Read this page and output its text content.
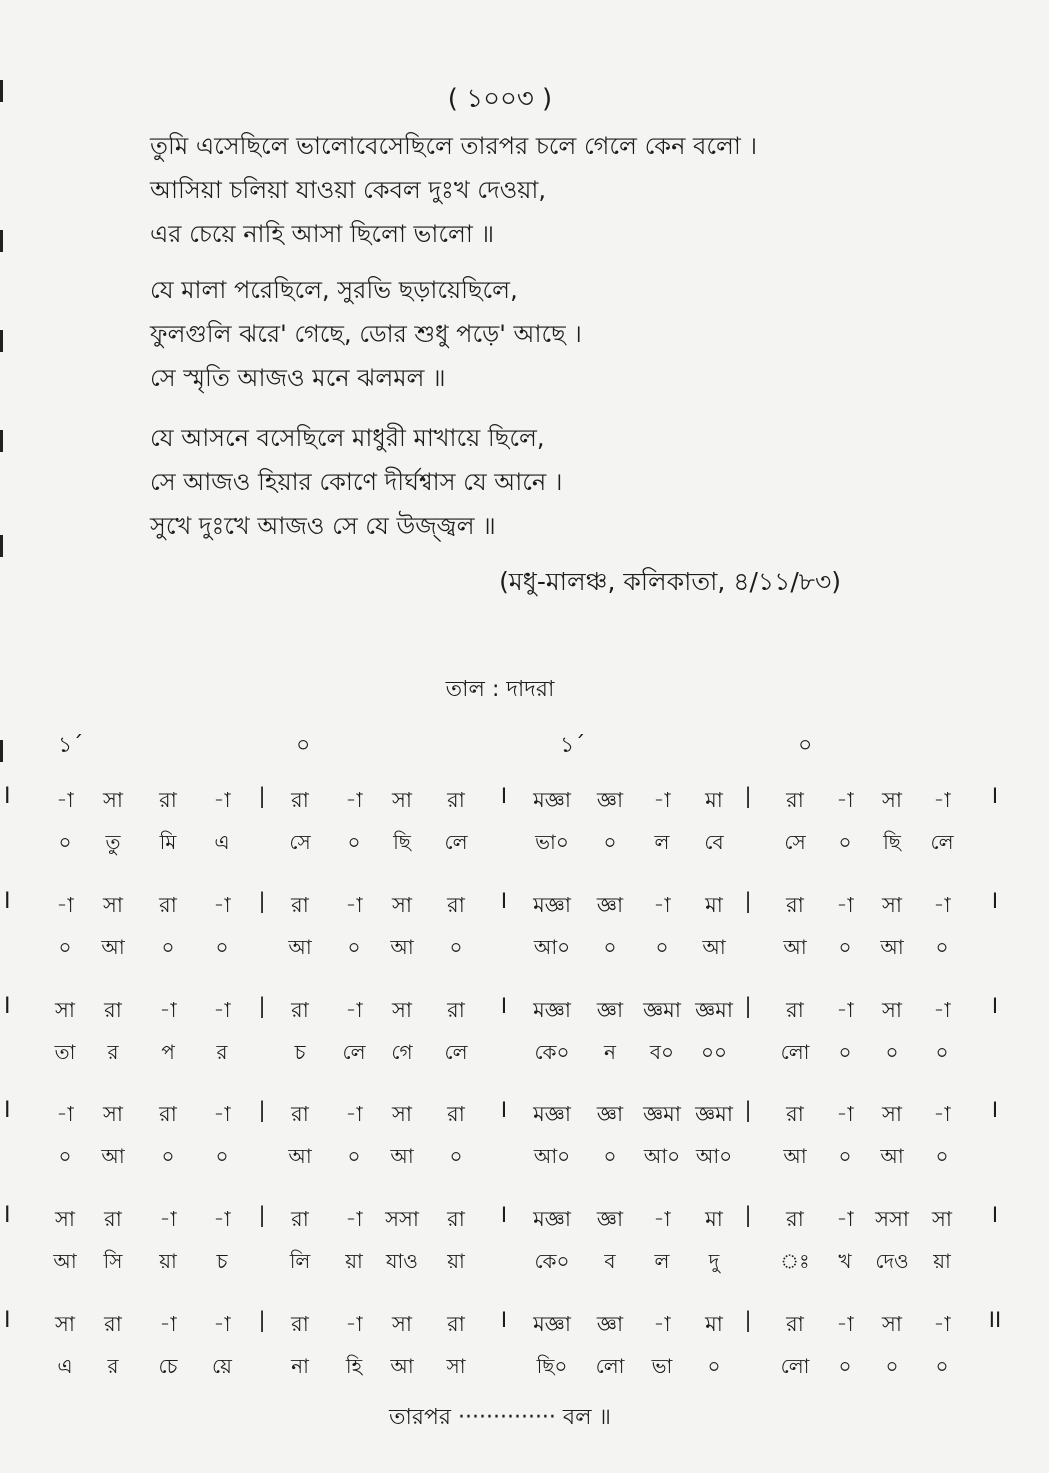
( ১০০৩ )
তুমি এসেছিলে ভালোবেসেছিলে তারপর চলে গেলে কেন বলো ।
আসিয়া চলিয়া যাওয়া কেবল দুঃখ দেওয়া,
এর চেয়ে নাহি আসা ছিলো ভালো ॥
যে মালা পরেছিলে, সুরভি ছড়ায়েছিলে,
ফুলগুলি ঝরে' গেছে, ডোর শুধু পড়ে' আছে ।
সে স্মৃতি আজও মনে ঝলমল ॥
যে আসনে বসেছিলে মাধুরী মাখায়ে ছিলে,
সে আজও হিয়ার কোণে দীর্ঘশ্বাস যে আনে ।
সুখে দুঃখে আজও সে যে উজ্জ্বল ॥
(মধু-মালঞ্চ, কলিকাতা, ৪/১১/৮৩)
তাল : দাদরা
১´	০	১´	০
I -া সা রা -া	রা -া সা রা	মজ্ঞা জ্ঞা -া মা	রা -া সা -া
|	|
I	I
০ তু মি এ	সে ০ ছি লে	ভা০ ০ ল বে	সে ০ ছি লে
I -া সা রা -া	রা -া সা রা	মজ্ঞা জ্ঞা -া মা	রা -া সা -া
|	|
I	I
০ আ ০ ০	আ ০ আ ০	আ০ ০ ০ আ	আ ০ আ ০
I সা রা -া -া	রা -া সা রা	মজ্ঞা জ্ঞা জ্ঞমা জ্ঞমা	রা -া সা -া
|	|
I	I
তা র প র	চ লে গে লে	কে০ ন ব০ ০০	লো ০ ০ ০
I -া সা রা -া	রা -া সা রা	মজ্ঞা জ্ঞা জ্ঞমা জ্ঞমা	রা -া সা -া
|	|
I	I
০ আ ০ ০	আ ০ আ ০	আ০ ০ আ০ আ০	আ ০ আ ০
I সা রা -া -া	রা -া সসা রা	মজ্ঞা জ্ঞা -া মা	রা -া সসা সা
|	|
I	I
আ সি য়া চ	লি য়া যাও য়া	কে০ ব ল দু	ঃ খ দেও য়া
I সা রা -া -া	রা -া সা রা	মজ্ঞা জ্ঞা -া মা	রা -া সা -া
|	|
I	II
এ র চে য়ে	না হি আ সা	ছি০ লো ভা ০	লো ০ ০ ০
তারপর ·············· বল ॥
